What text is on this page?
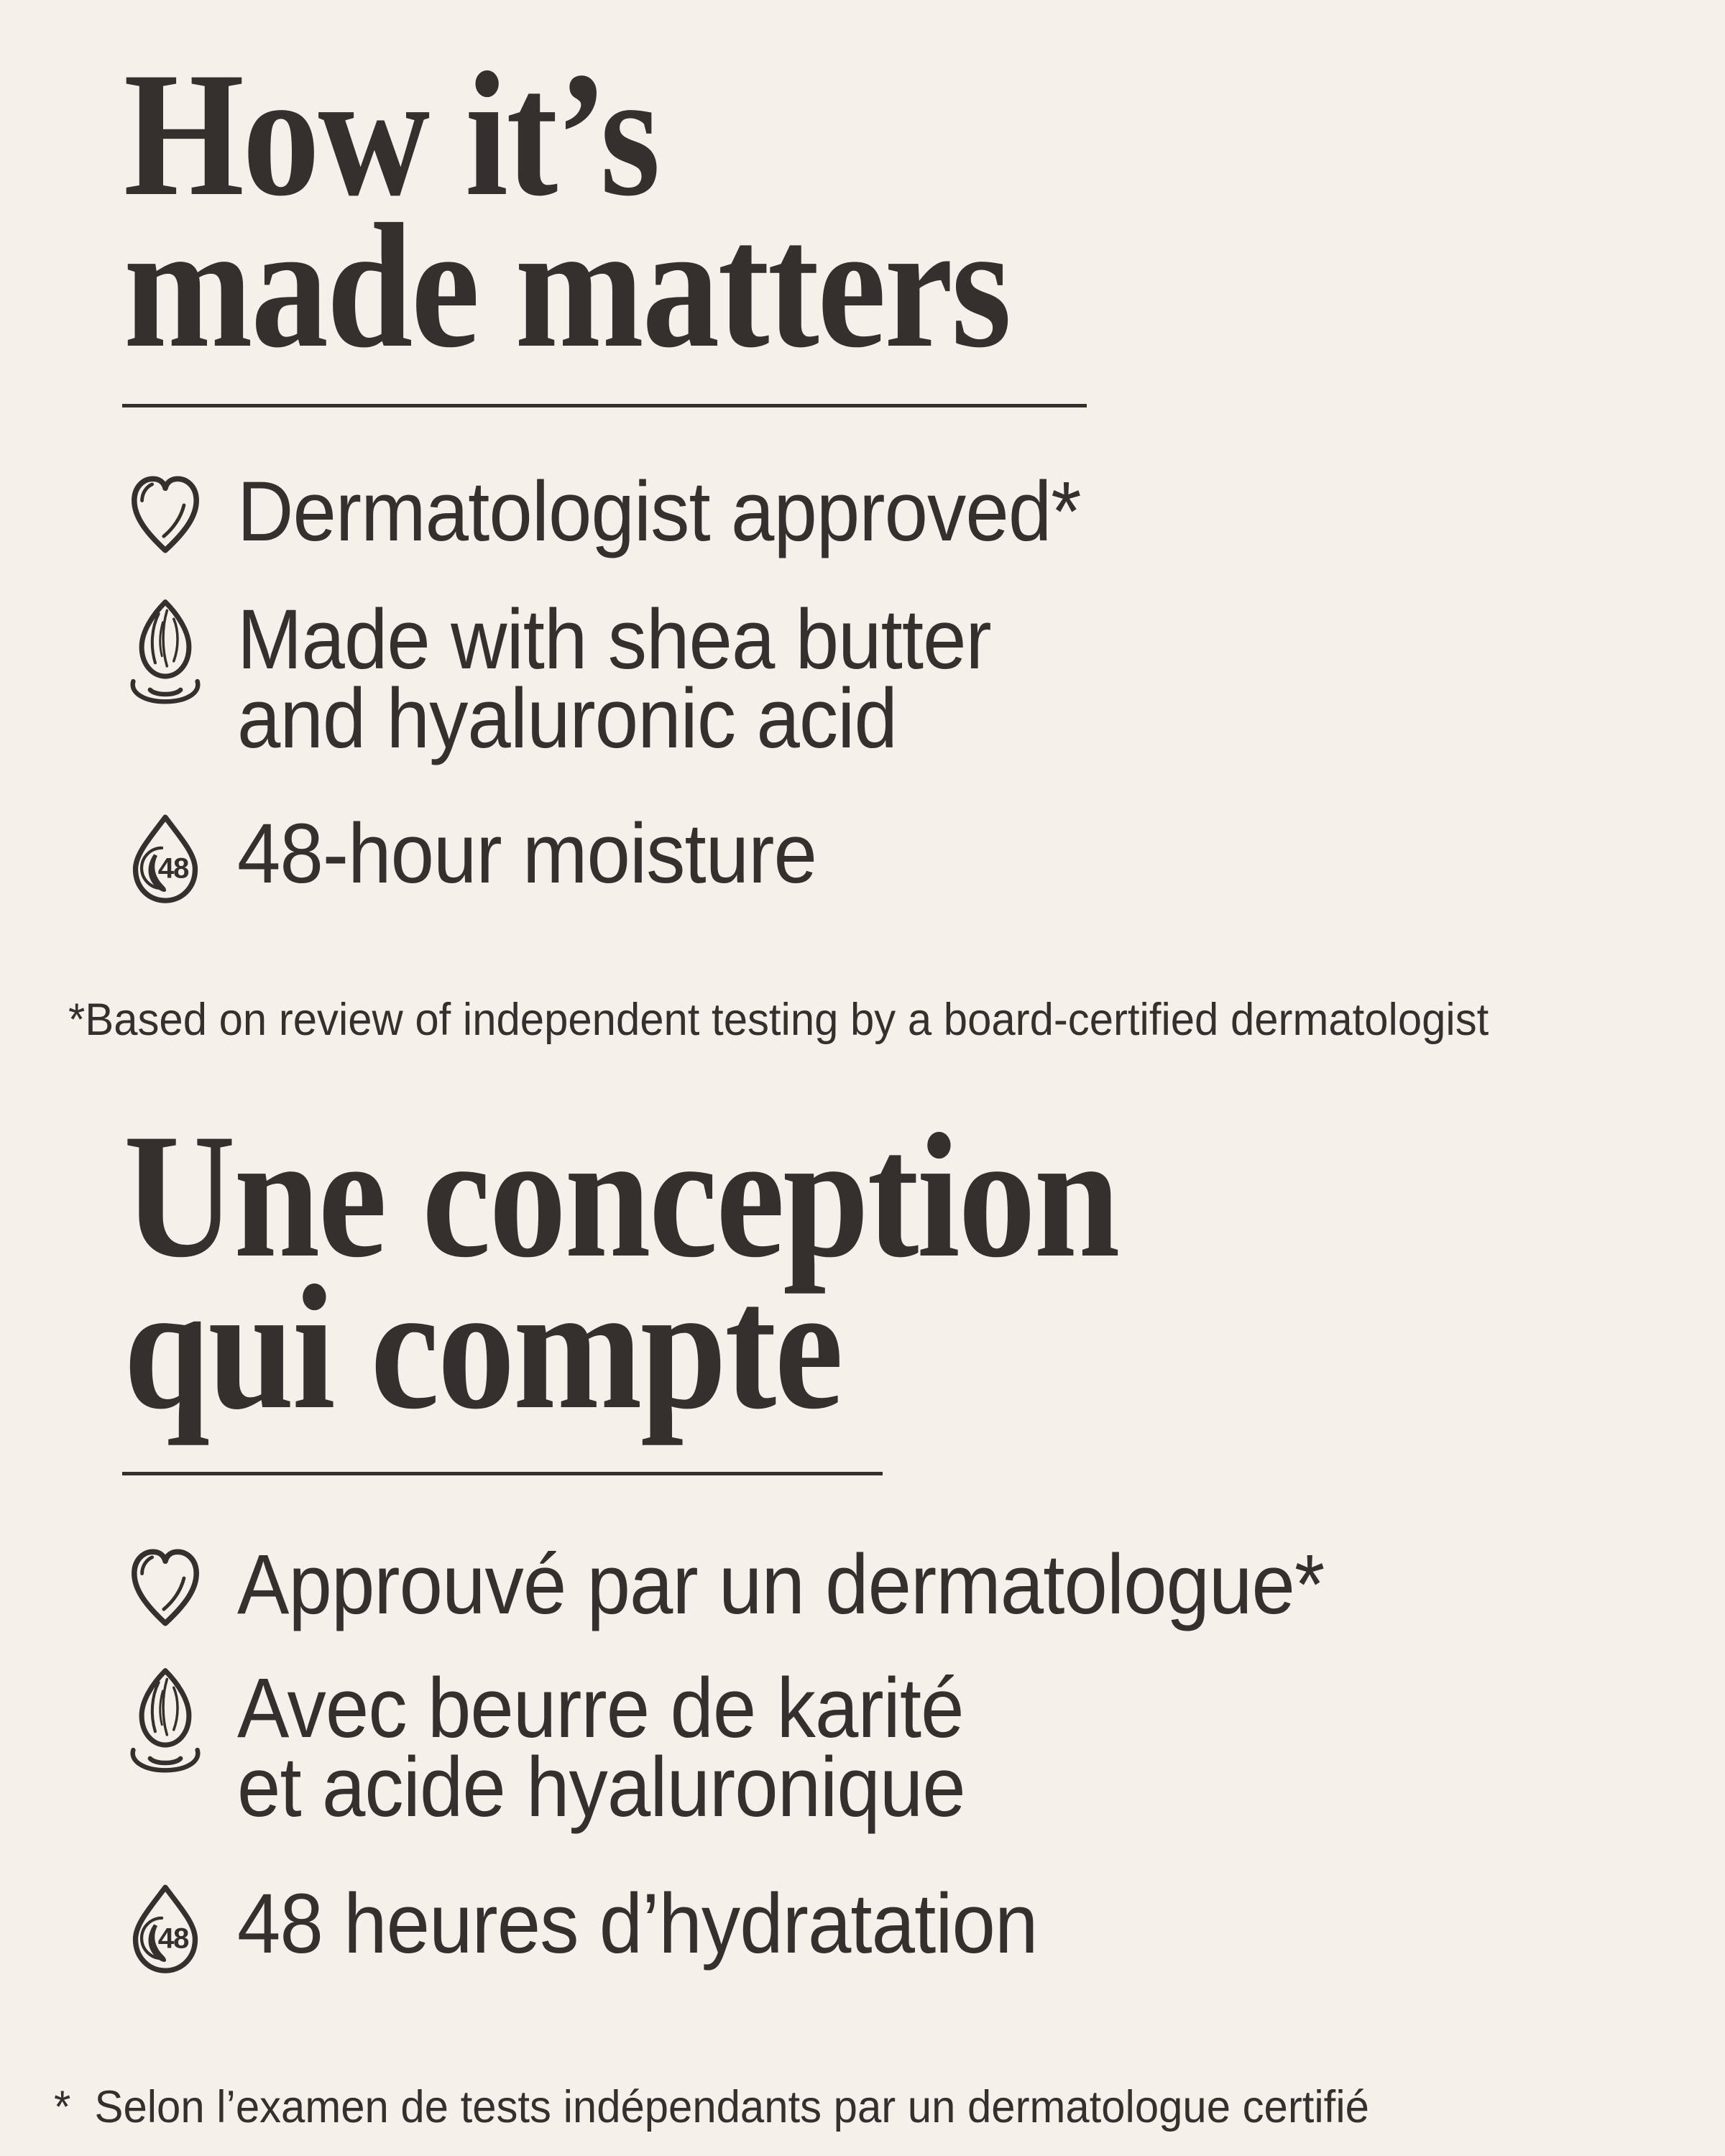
How it’s
made matters
Dermatologist approved*
Made with shea butter
and hyaluronic acid
48 48-hour moisture

*Based on review of independent testing by a board-certified dermatologist

Une conception
qui compte
Approuvé par un dermatologue*
Avec beurre de karité
et acide hyaluronique
48 48 heures d’hydratation

*  Selon l’examen de tests indépendants par un dermatologue certifié
